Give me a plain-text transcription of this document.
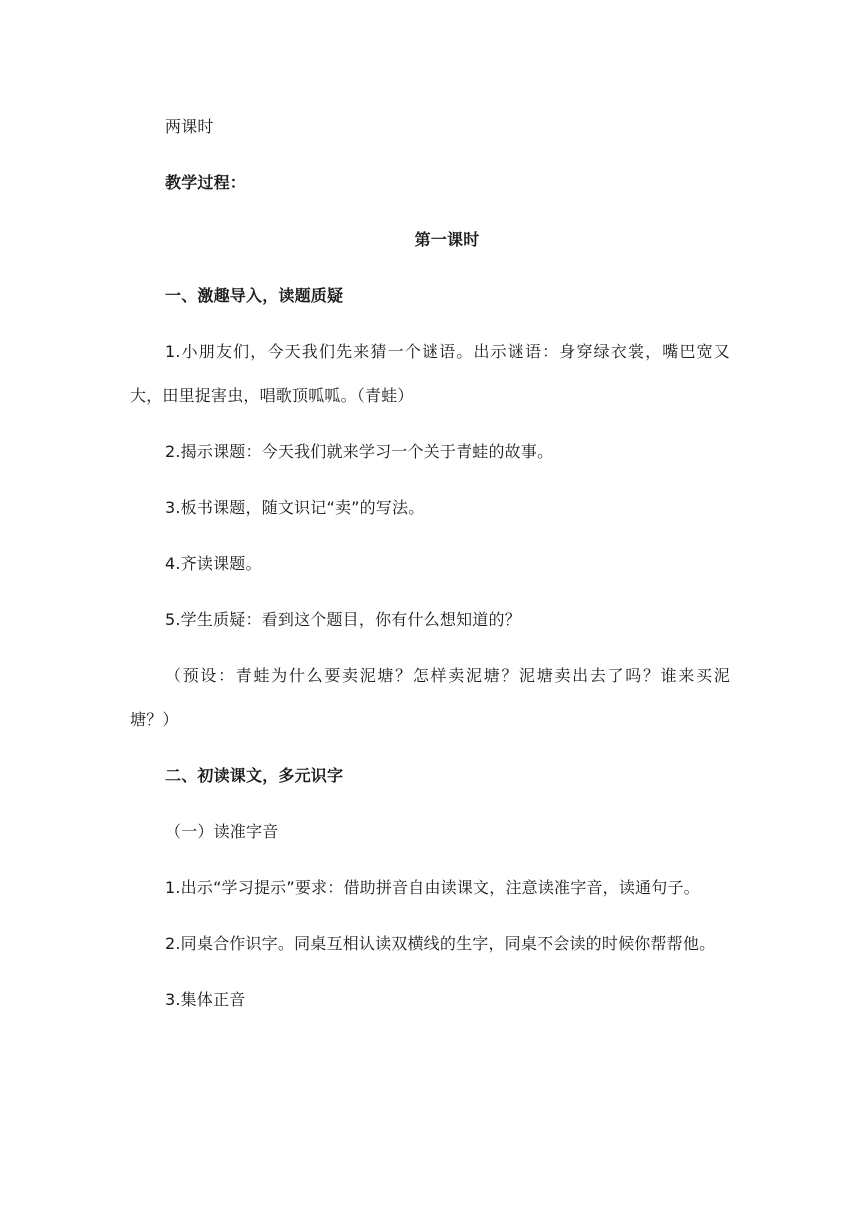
两课时
教学过程：
第一课时
一、激趣导入，读题质疑
1.小朋友们，今天我们先来猜一个谜语。出示谜语：身穿绿衣裳，嘴巴宽又
大，田里捉害虫，唱歌顶呱呱。（青蛙）
2.揭示课题：今天我们就来学习一个关于青蛙的故事。
3.板书课题，随文识记“卖”的写法。
4.齐读课题。
5.学生质疑：看到这个题目，你有什么想知道的？
（预设：青蛙为什么要卖泥塘？怎样卖泥塘？泥塘卖出去了吗？谁来买泥
塘？）
二、初读课文，多元识字
（一）读准字音
1.出示“学习提示”要求：借助拼音自由读课文，注意读准字音，读通句子。
2.同桌合作识字。同桌互相认读双横线的生字，同桌不会读的时候你帮帮他。
3.集体正音
